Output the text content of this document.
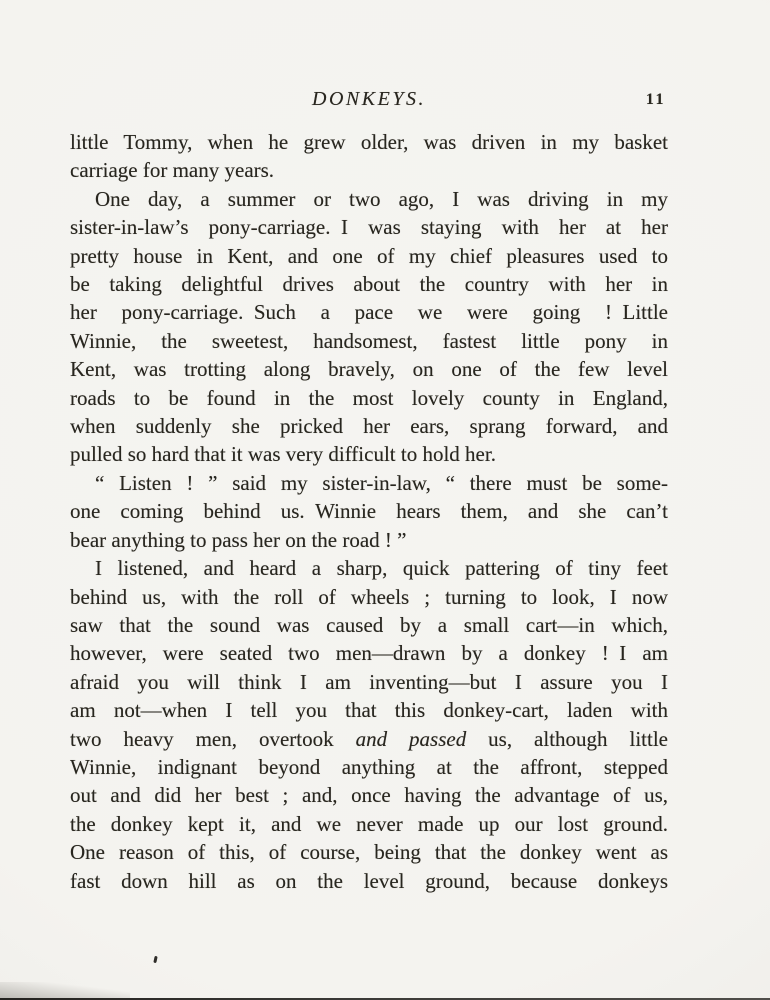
DONKEYS.	11
little Tommy, when he grew older, was driven in my basket
carriage for many years.
One day, a summer or two ago, I was driving in my
sister-in-law’s pony-carriage. I was staying with her at her
pretty house in Kent, and one of my chief pleasures used to
be taking delightful drives about the country with her in
her pony-carriage. Such a pace we were going ! Little
Winnie, the sweetest, handsomest, fastest little pony in
Kent, was trotting along bravely, on one of the few level
roads to be found in the most lovely county in England,
when suddenly she pricked her ears, sprang forward, and
pulled so hard that it was very difficult to hold her.
“ Listen ! ” said my sister-in-law, “ there must be some-
one coming behind us. Winnie hears them, and she can’t
bear anything to pass her on the road ! ”
I listened, and heard a sharp, quick pattering of tiny feet
behind us, with the roll of wheels ; turning to look, I now
saw that the sound was caused by a small cart—in which,
however, were seated two men—drawn by a donkey ! I am
afraid you will think I am inventing—but I assure you I
am not—when I tell you that this donkey-cart, laden with
two heavy men, overtook and passed us, although little
Winnie, indignant beyond anything at the affront, stepped
out and did her best ; and, once having the advantage of us,
the donkey kept it, and we never made up our lost ground.
One reason of this, of course, being that the donkey went as
fast down hill as on the level ground, because donkeys
